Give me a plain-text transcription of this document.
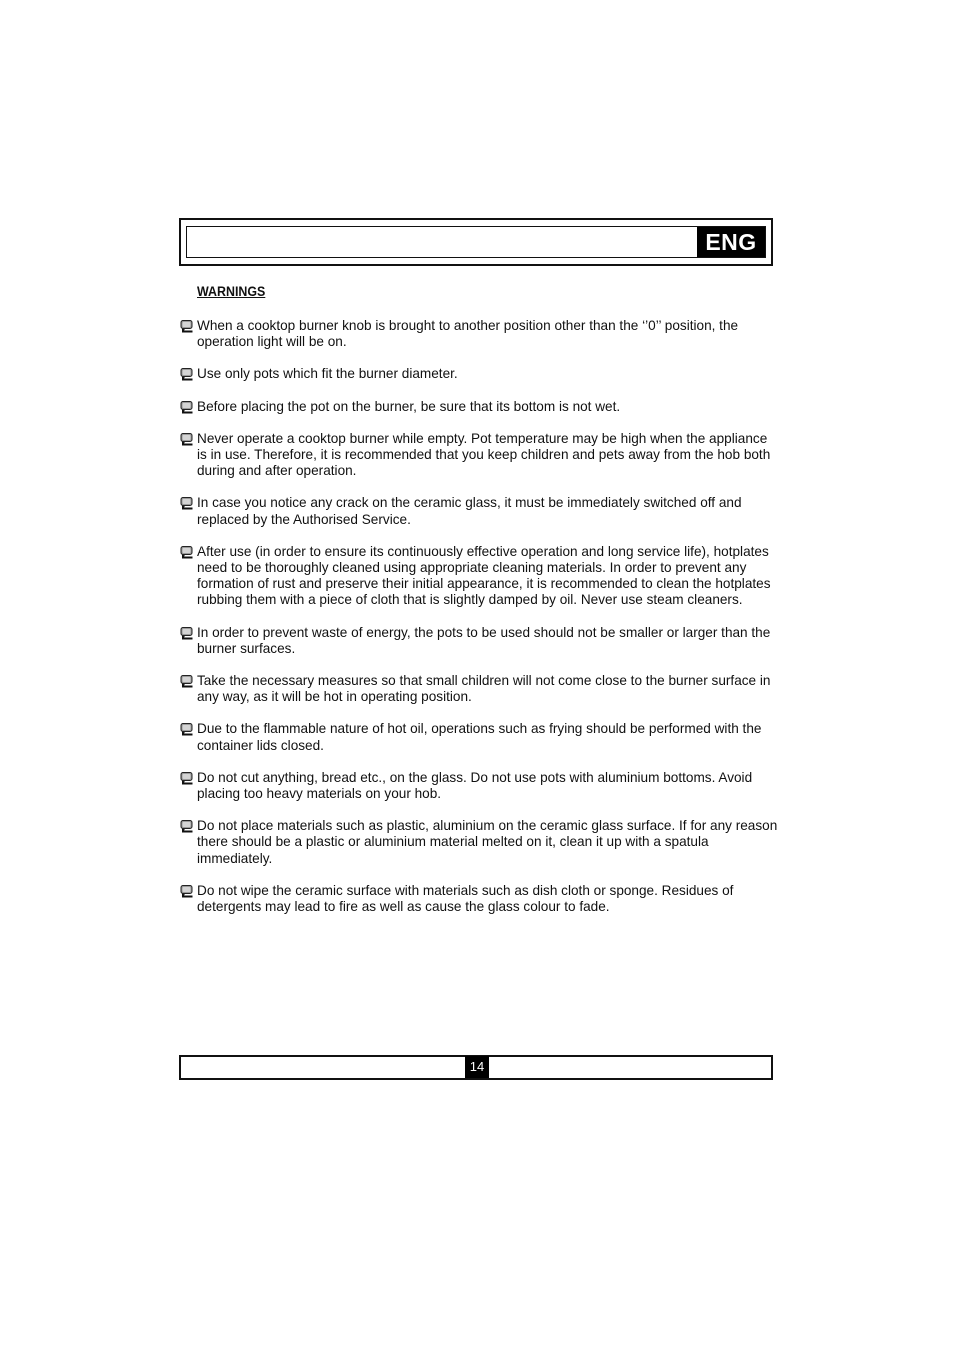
ENG
WARNINGS
When a cooktop burner knob is brought to another position other than the ‘’0’’ position, the operation light will be on.
Use only pots which fit the burner diameter.
Before placing the pot on the burner, be sure that its bottom is not wet.
Never operate a cooktop burner while empty. Pot temperature may be high when the appliance is in use. Therefore, it is recommended that you keep children and pets away from the hob both during and after operation.
In case you notice any crack on the ceramic glass, it must be immediately switched off and replaced by the Authorised Service.
After use (in order to ensure its continuously effective operation and long service life), hotplates need to be thoroughly cleaned using appropriate cleaning materials. In order to prevent any formation of rust and preserve their initial appearance, it is recommended to clean the hotplates rubbing them with a piece of cloth that is slightly damped by oil. Never use steam cleaners.
In order to prevent waste of energy, the pots to be used should not be smaller or larger than the burner surfaces.
Take the necessary measures so that small children will not come close to the burner surface in any way, as it will be hot in operating position.
Due to the flammable nature of hot oil, operations such as frying should be performed with the container lids closed.
Do not cut anything, bread etc., on the glass. Do not use pots with aluminium bottoms. Avoid placing too heavy materials on your hob.
Do not place materials such as plastic, aluminium on the ceramic glass surface. If for any reason there should be a plastic or aluminium material melted on it, clean it up with a spatula immediately.
Do not wipe the ceramic surface with materials such as dish cloth or sponge. Residues of detergents may lead to fire as well as cause the glass colour to fade.
14
